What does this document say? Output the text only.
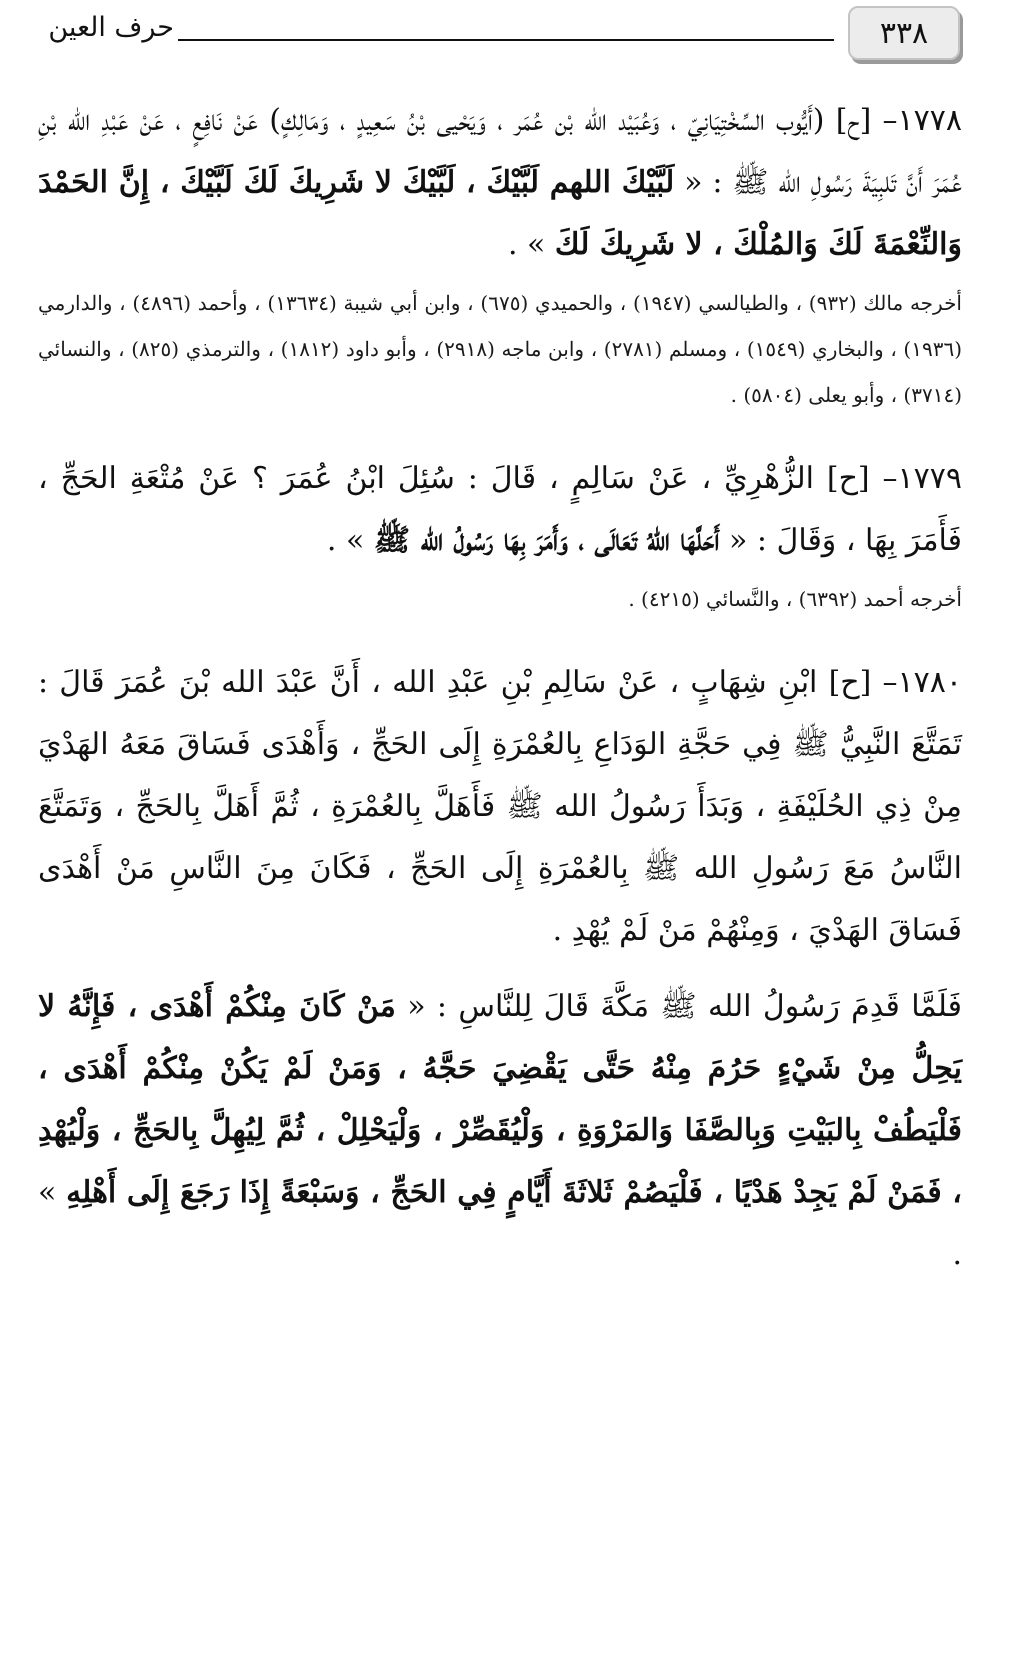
٣٣٨
حرف العين

١٧٧٨– [ح] (أَيُّوب السِّخْتِيَانِيّ ، وَعُبَيْد الله بْن عُمَر ، وَيَحْيى بْنُ سَعِيدٍ ، وَمَالِكٍ) عَنْ نَافِعٍ ، عَنْ عَبْدِ الله بْنِ عُمَرَ أَنَّ تَلبِيَةَ رَسُولِ الله ﷺ : « لَبَّيْكَ اللهم لَبَّيْكَ ، لَبَّيْكَ لا شَرِيكَ لَكَ لَبَّيْكَ ، إِنَّ الحَمْدَ وَالنِّعْمَةَ لَكَ وَالمُلْكَ ، لا شَرِيكَ لَكَ » .

أخرجه مالك (٩٣٢) ، والطيالسي (١٩٤٧) ، والحميدي (٦٧٥) ، وابن أبي شيبة (١٣٦٣٤) ، وأحمد (٤٨٩٦) ، والدارمي (١٩٣٦) ، والبخاري (١٥٤٩) ، ومسلم (٢٧٨١) ، وابن ماجه (٢٩١٨) ، وأبو داود (١٨١٢) ، والترمذي (٨٢٥) ، والنسائي (٣٧١٤) ، وأبو يعلى (٥٨٠٤) .

١٧٧٩– [ح] الزُّهْرِيِّ ، عَنْ سَالِمٍ ، قَالَ : سُئِلَ ابْنُ عُمَرَ ؟ عَنْ مُتْعَةِ الحَجِّ ، فَأَمَرَ بِهَا ، وَقَالَ : « أَحَلَّهَا اللهُ تَعَالَى ، وَأَمَرَ بِهَا رَسُولُ الله ﷺ » .

أخرجه أحمد (٦٣٩٢) ، والنَّسائي (٤٢١٥) .

١٧٨٠– [ح] ابْنِ شِهَابٍ ، عَنْ سَالِمِ بْنِ عَبْدِ الله ، أَنَّ عَبْدَ الله بْنَ عُمَرَ قَالَ : تَمَتَّعَ النَّبِيُّ ﷺ فِي حَجَّةِ الوَدَاعِ بِالعُمْرَةِ إِلَى الحَجِّ ، وَأَهْدَى فَسَاقَ مَعَهُ الهَدْيَ مِنْ ذِي الحُلَيْفَةِ ، وَبَدَأَ رَسُولُ الله ﷺ فَأَهَلَّ بِالعُمْرَةِ ، ثُمَّ أَهَلَّ بِالحَجِّ ، وَتَمَتَّعَ النَّاسُ مَعَ رَسُولِ الله ﷺ بِالعُمْرَةِ إِلَى الحَجِّ ، فَكَانَ مِنَ النَّاسِ مَنْ أَهْدَى فَسَاقَ الهَدْيَ ، وَمِنْهُمْ مَنْ لَمْ يُهْدِ .

فَلَمَّا قَدِمَ رَسُولُ الله ﷺ مَكَّةَ قَالَ لِلنَّاسِ : « مَنْ كَانَ مِنْكُمْ أَهْدَى ، فَإِنَّهُ لا يَحِلُّ مِنْ شَيْءٍ حَرُمَ مِنْهُ حَتَّى يَقْضِيَ حَجَّهُ ، وَمَنْ لَمْ يَكُنْ مِنْكُمْ أَهْدَى ، فَلْيَطُفْ بِالبَيْتِ وَبِالصَّفَا وَالمَرْوَةِ ، وَلْيُقَصِّرْ ، وَلْيَحْلِلْ ، ثُمَّ لِيُهِلَّ بِالحَجِّ ، وَلْيُهْدِ ، فَمَنْ لَمْ يَجِدْ هَدْيًا ، فَلْيَصُمْ ثَلاثَةَ أَيَّامٍ فِي الحَجِّ ، وَسَبْعَةً إِذَا رَجَعَ إِلَى أَهْلِهِ » .
